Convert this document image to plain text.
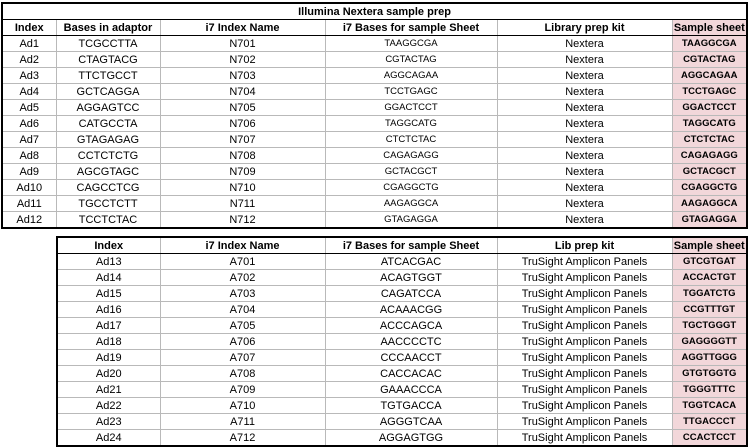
Illumina Nextera sample prep					
Index	Bases in adaptor	i7 Index Name	i7 Bases for sample Sheet	Library prep kit	Sample sheet
Ad1	TCGCCTTA	N701	TAAGGCGA	Nextera	TAAGGCGA
Ad2	CTAGTACG	N702	CGTACTAG	Nextera	CGTACTAG
Ad3	TTCTGCCT	N703	AGGCAGAA	Nextera	AGGCAGAA
Ad4	GCTCAGGA	N704	TCCTGAGC	Nextera	TCCTGAGC
Ad5	AGGAGTCC	N705	GGACTCCT	Nextera	GGACTCCT
Ad6	CATGCCTA	N706	TAGGCATG	Nextera	TAGGCATG
Ad7	GTAGAGAG	N707	CTCTCTAC	Nextera	CTCTCTAC
Ad8	CCTCTCTG	N708	CAGAGAGG	Nextera	CAGAGAGG
Ad9	AGCGTAGC	N709	GCTACGCT	Nextera	GCTACGCT
Ad10	CAGCCTCG	N710	CGAGGCTG	Nextera	CGAGGCTG
Ad11	TGCCTCTT	N711	AAGAGGCA	Nextera	AAGAGGCA
Ad12	TCCTCTAC	N712	GTAGAGGA	Nextera	GTAGAGGA
Index	i7 Index Name	i7 Bases for sample Sheet	Lib prep kit	Sample sheet
Ad13	A701	ATCACGAC	TruSight Amplicon Panels	GTCGTGAT
Ad14	A702	ACAGTGGT	TruSight Amplicon Panels	ACCACTGT
Ad15	A703	CAGATCCA	TruSight Amplicon Panels	TGGATCTG
Ad16	A704	ACAAACGG	TruSight Amplicon Panels	CCGTTTGT
Ad17	A705	ACCCAGCA	TruSight Amplicon Panels	TGCTGGGT
Ad18	A706	AACCCCTC	TruSight Amplicon Panels	GAGGGGTT
Ad19	A707	CCCAACCT	TruSight Amplicon Panels	AGGTTGGG
Ad20	A708	CACCACAC	TruSight Amplicon Panels	GTGTGGTG
Ad21	A709	GAAACCCA	TruSight Amplicon Panels	TGGGTTTC
Ad22	A710	TGTGACCA	TruSight Amplicon Panels	TGGTCACA
Ad23	A711	AGGGTCAA	TruSight Amplicon Panels	TTGACCCT
Ad24	A712	AGGAGTGG	TruSight Amplicon Panels	CCACTCCT
